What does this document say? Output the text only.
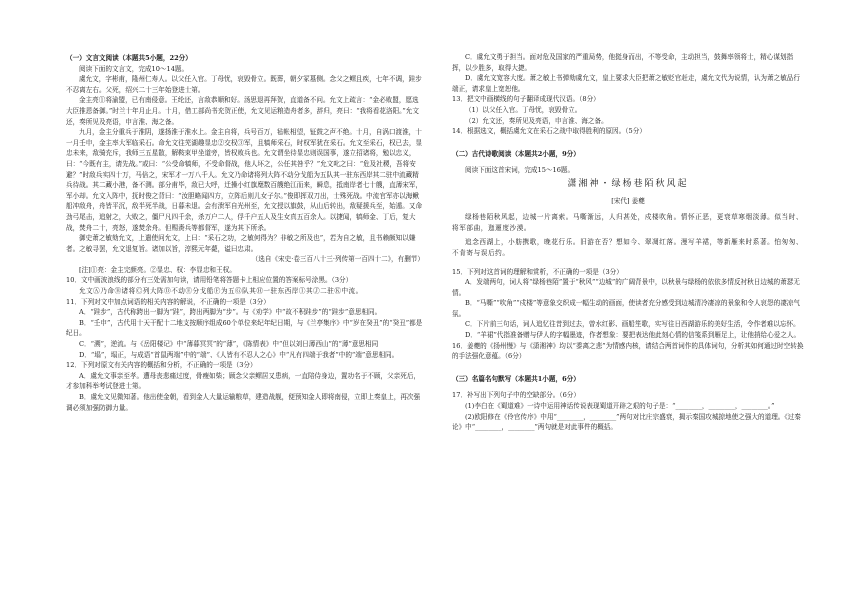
（一）文言文阅读（本题共5小题，22分）

阅读下面的文言文，完成10～14题。

虞允文，字彬甫，隆州仁寿人。以父任入官。丁母忧，哀毁骨立。既葬，朝夕冢墓侧。念父之鳏且疾，七年不调，跬步不忍离左右。父死，绍兴二十三年始登进士第。

金主亮①将渝盟，已有南侵意。王纶还，言敌恭顺和好。汤思退再拜贺，直道备不问。允文上疏言：“金必败盟，愿选大臣推恩备御。”时兰十年月止月。十月，借工部尚书充贺正使，允文见运粮造舟者多，辞归，亮曰：“我将看花洛阳。”允文还，奏所见及亮语，申言淮、海之备。

九月，金主分重兵于淮阴，遂扬淮于淮水上。金主自将，兵号百万，毡帐相望，钲鼓之声不绝。十月，自涡口渡淮，十一月壬申，金主率大军临采石。命允文往芜湖趣显忠②交权③军，且犒师采石，时权军犹在采石。允文至采石，权已去，显忠未来，敌骑充斥，我师三五星散，解鞍束甲坐道旁，皆权败兵也。允文谓坐待显忠则误国事，遂立招诸将，勉以忠义，曰：“今既有主，请先战。”或曰：“公受命犒师，不受命督战，他人坏之，公任其咎乎？”允文叱之曰：“危及社稷，吾将安避？”时敌兵实四十万，马倍之，宋军才一万八千人。允文乃命诸将列大阵不动分戈船为五队其一驻东西岸其二驻中流藏精兵待战。其二藏小港，备不测。部分甫毕，敌已大呼，迁操小红旗麾数百艘绝江而来，瞬息，抵南岸者七十艘，直薄宋军，军小却。允文入阵中，抚时俊之背曰：“汝胆略闻四方，立阵后则儿女子尔。”俊即挥双刀出，士殊死战。中流官军亦以海鳅船冲敌舟，舟皆平沉，敌半死半战，日暮未退。会有溃军自光州至，允文授以旗鼓，从山后转出，敌疑援兵至，始遁。又命劲弓尾击，追射之，大败之，僵尸凡四千余，杀万户二人，俘千户五人及生女真五百余人。以捷闻，犒师金、丁后，复大战，焚舟二十，亮怒，遂焚余舟。但赐赉兵等都督军，遂为其下所杀。

御史萧之敏劾允文，上遣使问允文，上曰：“采石之功，之敏何得为？非敏之所及也”，若为自之敏，且书赖颇知以嫌者。之敏寻罢，允文退复旨。诸加以旨，淳熙元年薨，谥曰忠肃。

（选自《宋史·卷三百八十三·列传第一百四十二》，有删节）

[注]①亮：金主完颜亮。②显忠、权：李显忠和王权。

10．文中画波浪线的部分有三处需加句读，请用铅笔将答题卡上相应位置的答案标号涂黑。（3分）

允文Ⓐ乃命Ⓑ诸将Ⓒ列大阵Ⓓ不动Ⓔ分戈船Ⓕ为五Ⓖ队其Ⓗ一驻东西岸Ⓘ其Ⓙ二驻Ⓚ中流。

11．下列对文中加点词语的相关内容的解说，不正确的一项是（3分）

A．“跬步”，古代称跨出一脚为“跬”，跨出两脚为“步”。与《劝学》中“故不积跬步”的“跬步”意思相同。

B．“壬申”，古代用十天干配十二地支按顺序组成60个单位来纪年纪日期，与《兰亭集序》中“岁在癸丑”的“癸丑”都是纪日。

C．“溯”，逆流。与《岳阳楼记》中“薄暮冥冥”的“薄”，《陈情表》中“但以刘日薄西山”的“薄”意思相同

D．“塌”，塌正，与成语“首鼠两端”中的“端”、《人皆有不忍人之心》中“凡有四端于我者”中的“端”意思相同。

12．下列对原文有关内容的概括和分析，不正确的一项是（3分）

A．虞允文事亲至孝。遭母丧悲痛过度，骨瘦如柴；顾念父亲鳏居又患病，一直陪侍身边，置功名于不顾，父亲死后，才参加科举考试登进士第。

B．虞允文见微知著。他出使金朝，看到金人大量运输粮草，建造战舰，便预知金人即将南侵，立即上奏皇上，再次强调必须加强防御力量。

C．虞允文勇于担当。面对危及国家的严重局势，他挺身而出，不等受命，主动担当，鼓舞率领将士，精心谋划指挥，以少胜多，取得大捷。

D．虞允文宽容大度。萧之敏上书弹劾虞允文，皇上要求大臣把萧之敏贬官赶走，虞允文代为说情，认为萧之敏品行端正，请求皇上宽恕他。

13．把文中画横线的句子翻译成现代汉语。（8分）

（1）以父任入官。丁母忧，哀毁骨立。

（2）允文还，奏所见及亮语，申言淮、海之备。

14．根据选文，概括虞允文在采石之战中取得胜利的原因。（5分）

（二）古代诗歌阅读（本题共2小题，9分）

阅读下面这首宋词，完成15～16题。

潇湘神・绿杨巷陌秋风起

[宋代] 姜夔

绿杨巷陌秋风起，边城一片离索。马嘶渐远，人归甚处，戍楼吹角。情怀正恶，更衰草寒烟淡薄。似当时、将军部曲，迤逦度沙漠。

追念西湖上，小舫携歌，晚花行乐。旧游在否？想如今、翠凋红落。漫写羊裙，等新雁来时系著。怕匆匆、不肯寄与误后约。

15．下列对这首词的理解和赏析，不正确的一项是（3分）

A．发端两句，词人将“绿杨巷陌”置于“秋风”“边城”的广阔背景中，以秋景与绿杨的依依多情反衬秋日边城的萧瑟无情。

B．“马嘶”“吹角”“戍楼”等意象交织成一幅生动的画面，使读者充分感受到边城清冷凄凉的景象和令人哀怨的凄凉气氛。

C．下片前三句话，词人追忆往昔到过去，曾水红影、画船笙歌，实写往日西湖游乐的美好生活，令作者难以忘怀。

D．“羊裙”代指准备赠与伊人的字幅墨迹，作者想象：要把表达他此刻心情的信笺系到雁足上，让他捎给心爱之人。

16．姜夔的《扬州慢》与《潇湘神》均以“黍离之悲”为情感内核，请结合两首词作的具体词句，分析其如何通过时空转换的手法强化意蕴。（6分）

（三）名篇名句默写（本题共1小题，6分）

17．补写出下列句子中的空缺部分。（6分）

(1)李白在《蜀道难》一诗中运用神话传说表现蜀道开辟之艰的句子是：“________，________，________。”

(2)欧阳修在《伶官传序》中用“________，________”两句对比庄宗盛衰，揭示秦国攻城掠地使之强大的道理。《过秦论》中“________，________”两句就是对此事件的概括。
